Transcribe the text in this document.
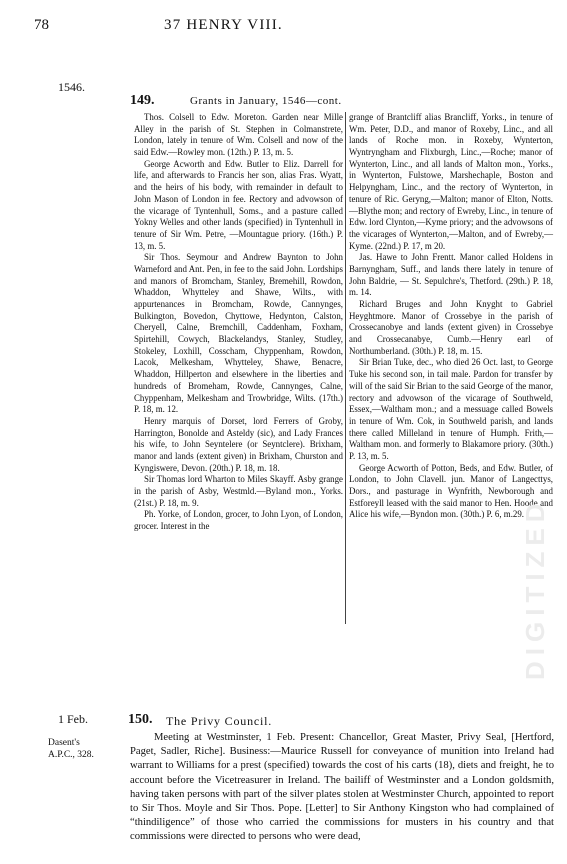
78	37 HENRY VIII.
1546.
149.	Grants in January, 1546—cont.

Thos. Colsell to Edw. Moreton. Garden near Mille Alley in the parish of St. Stephen in Colmanstrete, London, lately in tenure of Wm. Colsell and now of the said Edw.—Rowley mon. (12th.) P. 13, m. 5.

George Acworth and Edw. Butler to Eliz. Darrell for life, and afterwards to Francis her son, alias Fras. Wyatt, and the heirs of his body, with remainder in default to John Mason of London in fee. Rectory and advowson of the vicarage of Tyntenhull, Soms., and a pasture called Yokny Welles and other lands (specified) in Tyntenhull in tenure of Sir Wm. Petre, —Mountague priory. (16th.) P. 13, m. 5.

Sir Thos. Seymour and Andrew Baynton to John Warneford and Ant. Pen, in fee to the said John. Lordships and manors of Bromcham, Stanley, Bremehill, Rowdon, Whaddon, Whytteley and Shawe, Wilts., with appurtenances in Bromcham, Rowde, Cannynges, Bulkington, Bovedon, Chyttowe, Hedynton, Calston, Cheryell, Calne, Bremchill, Caddenham, Foxham, Spirtehill, Cowych, Blackelandys, Stanley, Studley, Stokeley, Loxhill, Cosscham, Chyppenham, Rowdon, Lacok, Melkesham, Whytteley, Shawe, Benacre, Whaddon, Hillperton and elsewhere in the liberties and hundreds of Bromeham, Rowde, Cannynges, Calne, Chyppenham, Melkesham and Trowbridge, Wilts. (17th.) P. 18, m. 12.

Henry marquis of Dorset, lord Ferrers of Groby, Harrington, Bonolde and Asteldy (sic), and Lady Frances his wife, to John Seyntelere (or Seyntclere). Brixham, manor and lands (extent given) in Brixham, Churston and Kyngiswere, Devon. (20th.) P. 18, m. 18.

Sir Thomas lord Wharton to Miles Skayff. Asby grange in the parish of Asby, Westmld.—Byland mon., Yorks. (21st.) P. 18, m. 9.

Ph. Yorke, of London, grocer, to John Lyon, of London, grocer. Interest in the

grange of Brantcliff alias Brancliff, Yorks., in tenure of Wm. Peter, D.D., and manor of Roxeby, Linc., and all lands of Roche mon. in Roxeby, Wynterton, Wyntryngham and Flixburgh, Linc.,—Roche; manor of Wynterton, Linc., and all lands of Malton mon., Yorks., in Wynterton, Fulstowe, Marshechaple, Boston and Helpyngham, Linc., and the rectory of Wynterton, in tenure of Ric. Geryng,—Malton; manor of Elton, Notts.—Blythe mon; and rectory of Ewreby, Linc., in tenure of Edw. lord Clynton,—Kyme priory; and the advowsons of the vicarages of Wynterton,—Malton, and of Ewreby,—Kyme. (22nd.) P. 17, m 20.

Jas. Hawe to John Frentt. Manor called Holdens in Barnyngham, Suff., and lands there lately in tenure of John Baldrie, — St. Sepulchre's, Thetford. (29th.) P. 18, m. 14.

Richard Bruges and John Knyght to Gabriel Heyghtmore. Manor of Crossebye in the parish of Crossecanobye and lands (extent given) in Crossebye and Crossecanabye, Cumb.—Henry earl of Northumberland. (30th.) P. 18, m. 15.

Sir Brian Tuke, dec., who died 26 Oct. last, to George Tuke his second son, in tail male. Pardon for transfer by will of the said Sir Brian to the said George of the manor, rectory and advowson of the vicarage of Southweld, Essex,—Waltham mon.; and a messuage called Bowels in tenure of Wm. Cok, in Southweld parish, and lands there called Milleland in tenure of Humph. Frith,—Waltham mon. and formerly to Blakamore priory. (30th.) P. 13, m. 5.

George Acworth of Potton, Beds, and Edw. Butler, of London, to John Clavell. jun. Manor of Langecttys, Dors., and pasturage in Wynfrith, Newborough and Estforeyll leased with the said manor to Hen. Hoode and Alice his wife,—Byndon mon. (30th.) P. 6, m.29.

DIGITIZED
1 Feb.
Dasent's
A.P.C., 328.
150. The Privy Council.

Meeting at Westminster, 1 Feb. Present: Chancellor, Great Master, Privy Seal, [Hertford, Paget, Sadler, Riche]. Business:—Maurice Russell for conveyance of munition into Ireland had warrant to Williams for a prest (specified) towards the cost of his carts (18), diets and freight, he to account before the Vicetreasurer in Ireland. The bailiff of Westminster and a London goldsmith, having taken persons with part of the silver plates stolen at Westminster Church, appointed to report to Sir Thos. Moyle and Sir Thos. Pope. [Letter] to Sir Anthony Kingston who had complained of “thindiligence” of those who carried the commissions for musters in his country and that commissions were directed to persons who were dead,
